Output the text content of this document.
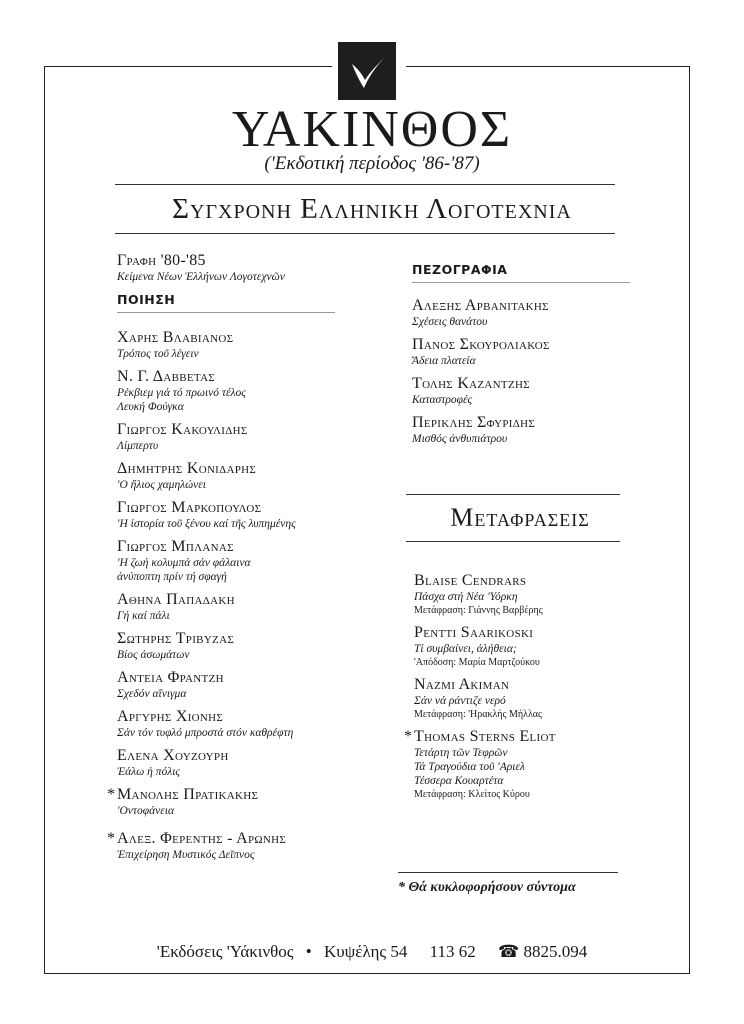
ΥΑΚΙΝΘΟΣ
('Εκδοτική περίοδος '86-'87)
Συγχρονη Ελληνικη Λογοτεχνια
Γραφη '80-'85
Κείμενα Νέων Ἑλλήνων Λογοτεχνῶν
ΠΟΙΗΣΗ
Χαρης Βλαβιανος
Τρόπος τοῦ λέγειν
Ν. Γ. Δαββετας
Ρέκβιεμ γιά τό πρωινό τέλος
Λευκή Φούγκα
Γιωργος Κακουλιδης
Λίμπερτυ
Δημητρης Κονιδαρης
'Ο ἥλιος χαμηλώνει
Γιωργος Μαρκοπουλος
'Η ἱστορία τοῦ ξένου καί τῆς λυπημένης
Γιωργος Μπλανας
'Η ζωή κολυμπά σάν φάλαινα
ἀνύποπτη πρίν τή σφαγή
Αθηνα Παπαδακη
Γή καί πάλι
Σωτηρης Τριβυζας
Βίος ἀσωμάτων
Αντεια Φραντζη
Σχεδόν αἴνιγμα
Αργυρης Χιονης
Σάν τόν τυφλό μπροστά στόν καθρέφτη
Ελενα Χουζουρη
Ἐάλω ἡ πόλις
* Μανολης Πρατικακης
'Οντοφάνεια
* Αλεξ. Φερεντης - Αρωνης
Ἐπιχείρηση Μυστικός Δεῖπνος
ΠΕΖΟΓΡΑΦΙΑ
Αλεξης Αρβανιτακης
Σχέσεις θανάτου
Πανος Σκουρολιακος
Ἄδεια πλατεία
Τολης Καζαντζης
Καταστροφές
Περικλης Σφυριδης
Μισθός ἀνθυπιάτρου
Μεταφρασεις
Blaise Cendrars
Πάσχα στή Νέα 'Υόρκη
Μετάφραση: Γιάννης Βαρβέρης
Pentti Saarikoski
Τί συμβαίνει, ἀλήθεια;
'Απόδοση: Μαρία Μαρτζούκου
Nazmi Akiman
Σάν νά ράντιζε νερό
Μετάφραση: 'Ηρακλής Μήλλας
* Thomas Sterns Eliot
Τετάρτη τῶν Τεφρῶν
Τά Τραγούδια τοῦ 'Αριελ
Τέσσερα Κουαρτέτα
Μετάφραση: Κλείτος Κύρου
* Θά κυκλοφορήσουν σύντομα
'Εκδόσεις 'Υάκινθος • Κυψέλης 54 113 62 ☎ 8825.094
